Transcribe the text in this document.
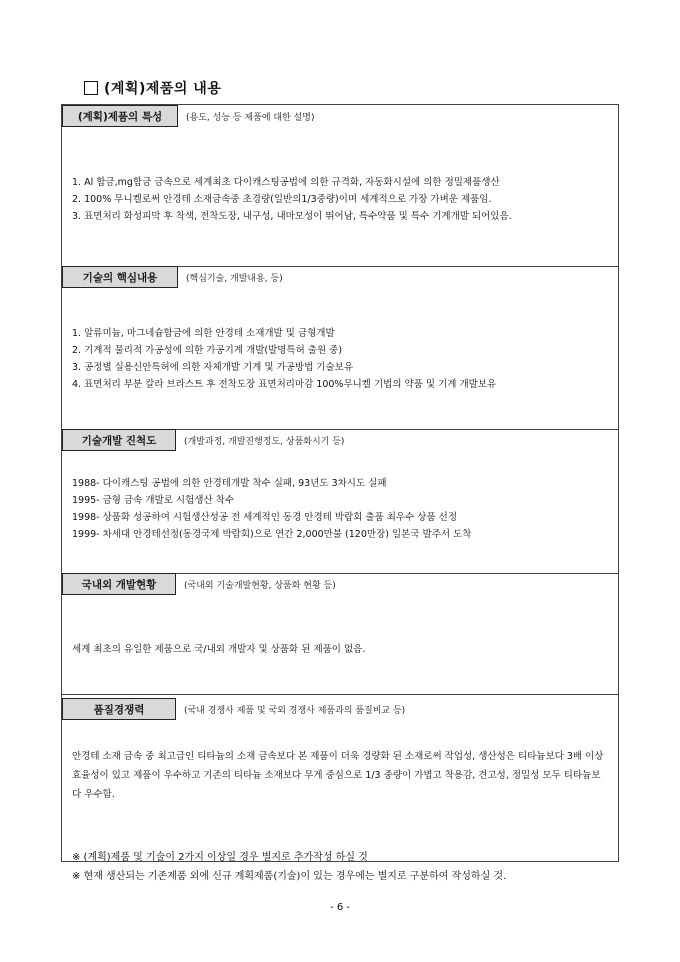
(계획)제품의 내용
(계획)제품의 특성	(용도, 성능 등 제품에 대한 설명)
1. Al 합금,mg합금 금속으로 세계최초 다이캐스팅공법에 의한 규격화, 자동화시설에 의한 정밀제품생산
2. 100% 무니켈로써 안경테 소재금속중 초경량(일반의1/3중량)이며 세계적으로 가장 가벼운 제품임.
3. 표면처리 화성피막 후 착색, 전착도장, 내구성, 내마모성이 뛰어남, 특수약품 및 특수 기계개발 되어있음.
기술의 핵심내용	(핵심기술, 개발내용, 등)
1. 알류미늄, 마그네슘합금에 의한 안경테 소재개발 및 금형개발
2. 기계적 물리적 가공성에 의한 가공기계 개발(발명특허 출원 중)
3. 공정별 실용신안특허에 의한 자체개발 기계 및 가공방법 기술보유
4. 표면처리 부분 칼라 브라스트 후 전착도장 표면처리마감 100%무니켈 기법의 약품 및 기계 개발보유
기술개발 진척도	(개발과정, 개발진행정도, 상품화시기 등)
1988- 다이캐스팅 공법에 의한 안경테개발 착수 실패, 93년도 3차시도 실패
1995- 금형 금속 개발로 시험생산 착수
1998- 상품화 성공하여 시험생산성공 전 세계적인 동경 안경테 박람회 출품 최우수 상품 선정
1999- 차세대 안경테선정(동경국제 박람회)으로 연간 2,000만불 (120만장) 일본국 발주서 도착
국내외 개발현황	(국내외 기술개발현황, 상품화 현황 등)
세계 최초의 유일한 제품으로 국/내외 개발자 및 상품화 된 제품이 없음.
품질경쟁력	(국내 경쟁사 제품 및 국외 경쟁사 제품과의 품질비교 등)
안경테 소재 금속 중 최고급인 티타늄의 소재 금속보다 본 제품이 더욱 경량화 된 소재로써 작업성, 생산성은 티타늄보다 3배 이상 효율성이 있고 제품이 우수하고 기존의 티타늄 소재보다 무게 중심으로 1/3 중량이 가볍고 착용감, 견고성, 정밀성 모두 티타늄보다 우수함.
※ (계획)제품 및 기술이 2가지 이상일 경우 별지로 추가작성 하실 것
※ 현재 생산되는 기존제품 외에 신규 계획제품(기술)이 있는 경우에는 별지로 구분하여 작성하실 것.
- 6 -
